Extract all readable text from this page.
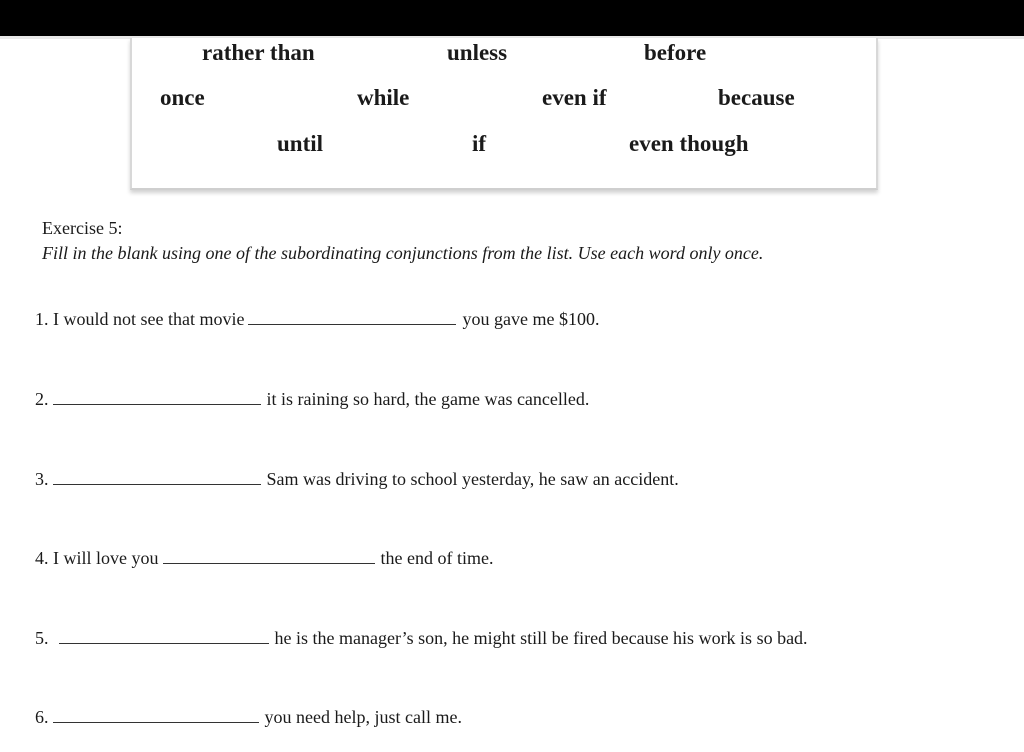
rather than	unless	before
once	while	even if	because
until	if	even though
Exercise 5:
Fill in the blank using one of the subordinating conjunctions from the list. Use each word only once.
1. I would not see that movie	you gave me $100.
2.	it is raining so hard, the game was cancelled.
3.	Sam was driving to school yesterday, he saw an accident.
4. I will love you	the end of time.
5.	he is the manager’s son, he might still be fired because his work is so bad.
6.	you need help, just call me.
